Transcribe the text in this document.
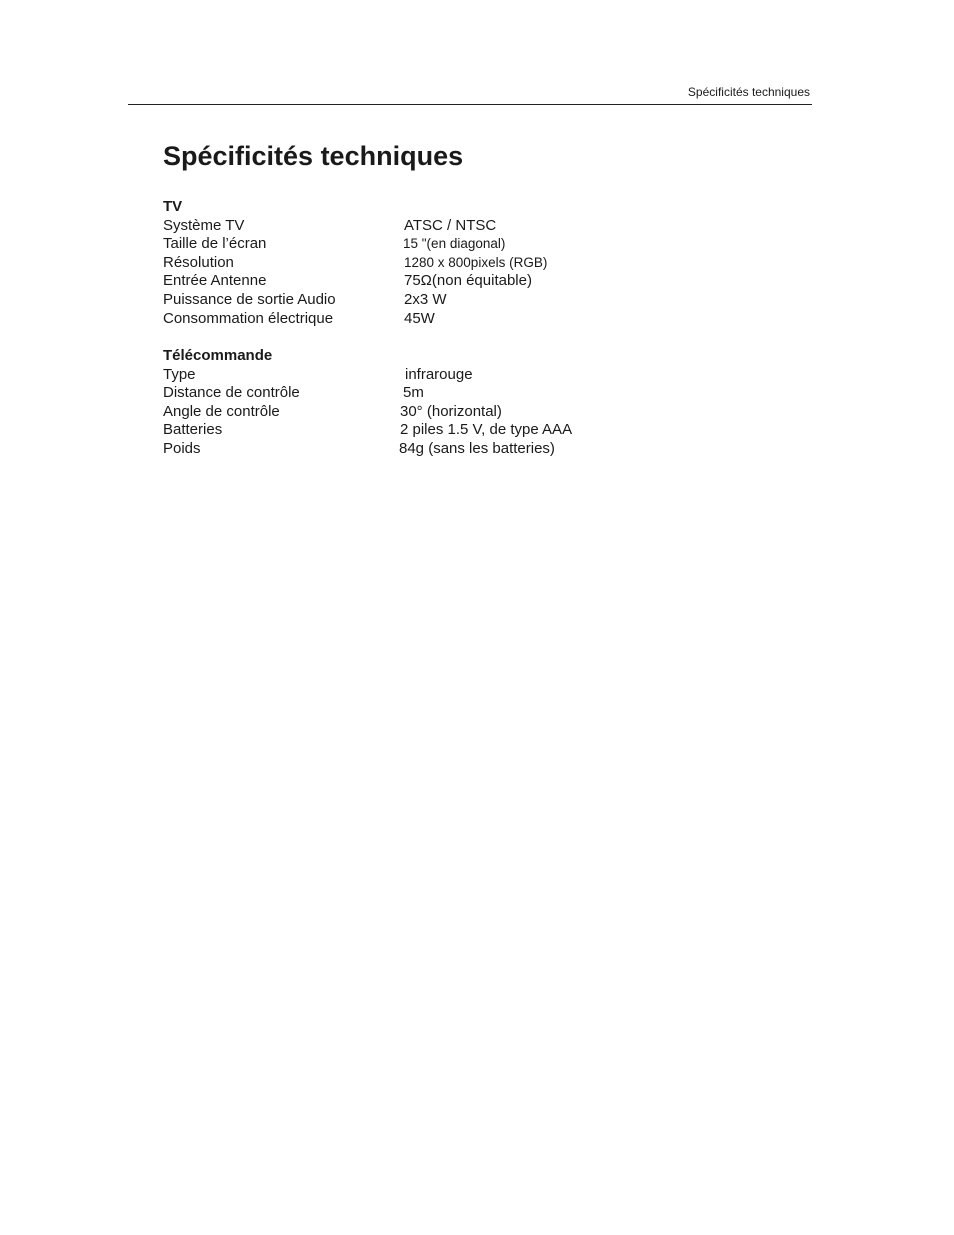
Spécificités techniques
Spécificités techniques
TV
Système TV	ATSC / NTSC
Taille de l’écran	15 "(en diagonal)
Résolution	1280 x 800pixels (RGB)
Entrée Antenne	75Ω(non équitable)
Puissance de sortie Audio	2x3 W
Consommation électrique	45W
Télécommande
Type	infrarouge
Distance de contrôle	5m
Angle de contrôle	30° (horizontal)
Batteries	2 piles 1.5 V, de type AAA
Poids	84g (sans les batteries)
